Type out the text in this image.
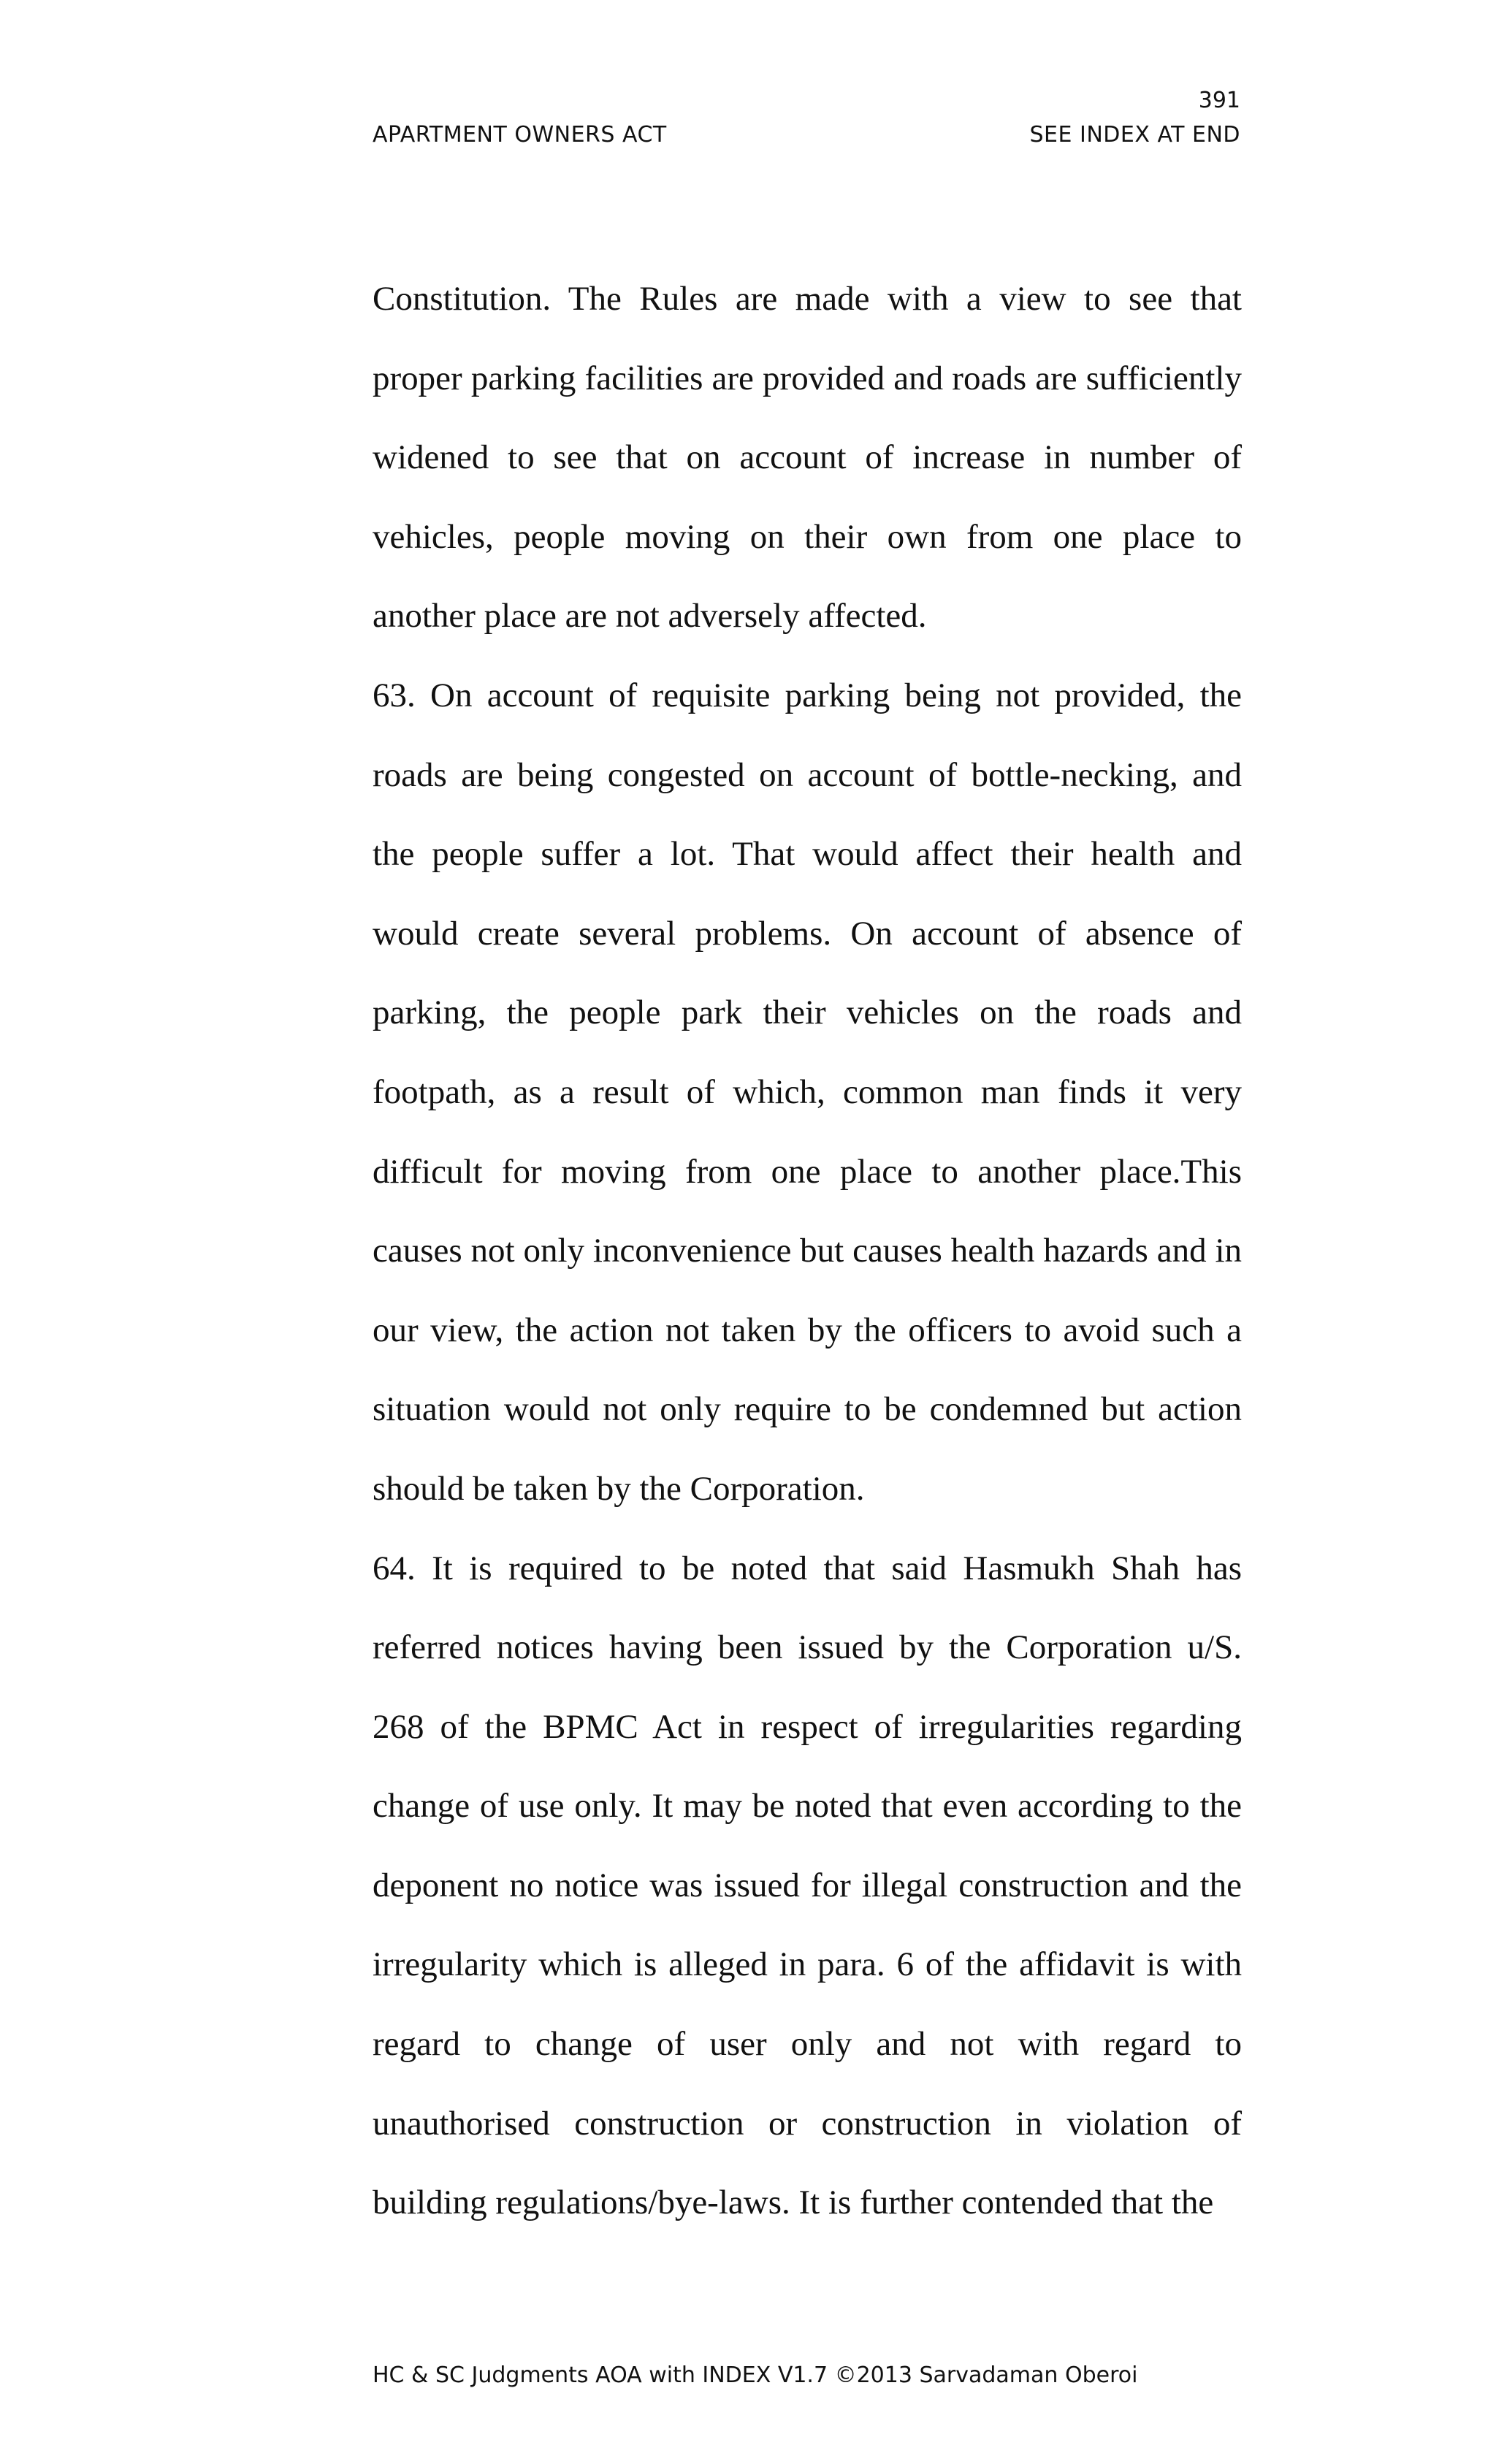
391
APARTMENT OWNERS ACT	SEE INDEX AT END

Constitution. The Rules are made with a view to see that proper parking facilities are provided and roads are sufficiently widened to see that on account of increase in number of vehicles, people moving on their own from one place to another place are not adversely affected.

63. On account of requisite parking being not provided, the roads are being congested on account of bottle-necking, and the people suffer a lot. That would affect their health and would create several problems. On account of absence of parking, the people park their vehicles on the roads and footpath, as a result of which, common man finds it very difficult for moving from one place to another place.This causes not only inconvenience but causes health hazards and in our view, the action not taken by the officers to avoid such a situation would not only require to be condemned but action should be taken by the Corporation.

64. It is required to be noted that said Hasmukh Shah has referred notices having been issued by the Corporation u/S. 268 of the BPMC Act in respect of irregularities regarding change of use only. It may be noted that even according to the deponent no notice was issued for illegal construction and the irregularity which is alleged in para. 6 of the affidavit is with regard to change of user only and not with regard to unauthorised construction or construction in violation of building regulations/bye-laws. It is further contended that the

HC & SC Judgments AOA with INDEX V1.7 ©2013 Sarvadaman Oberoi
